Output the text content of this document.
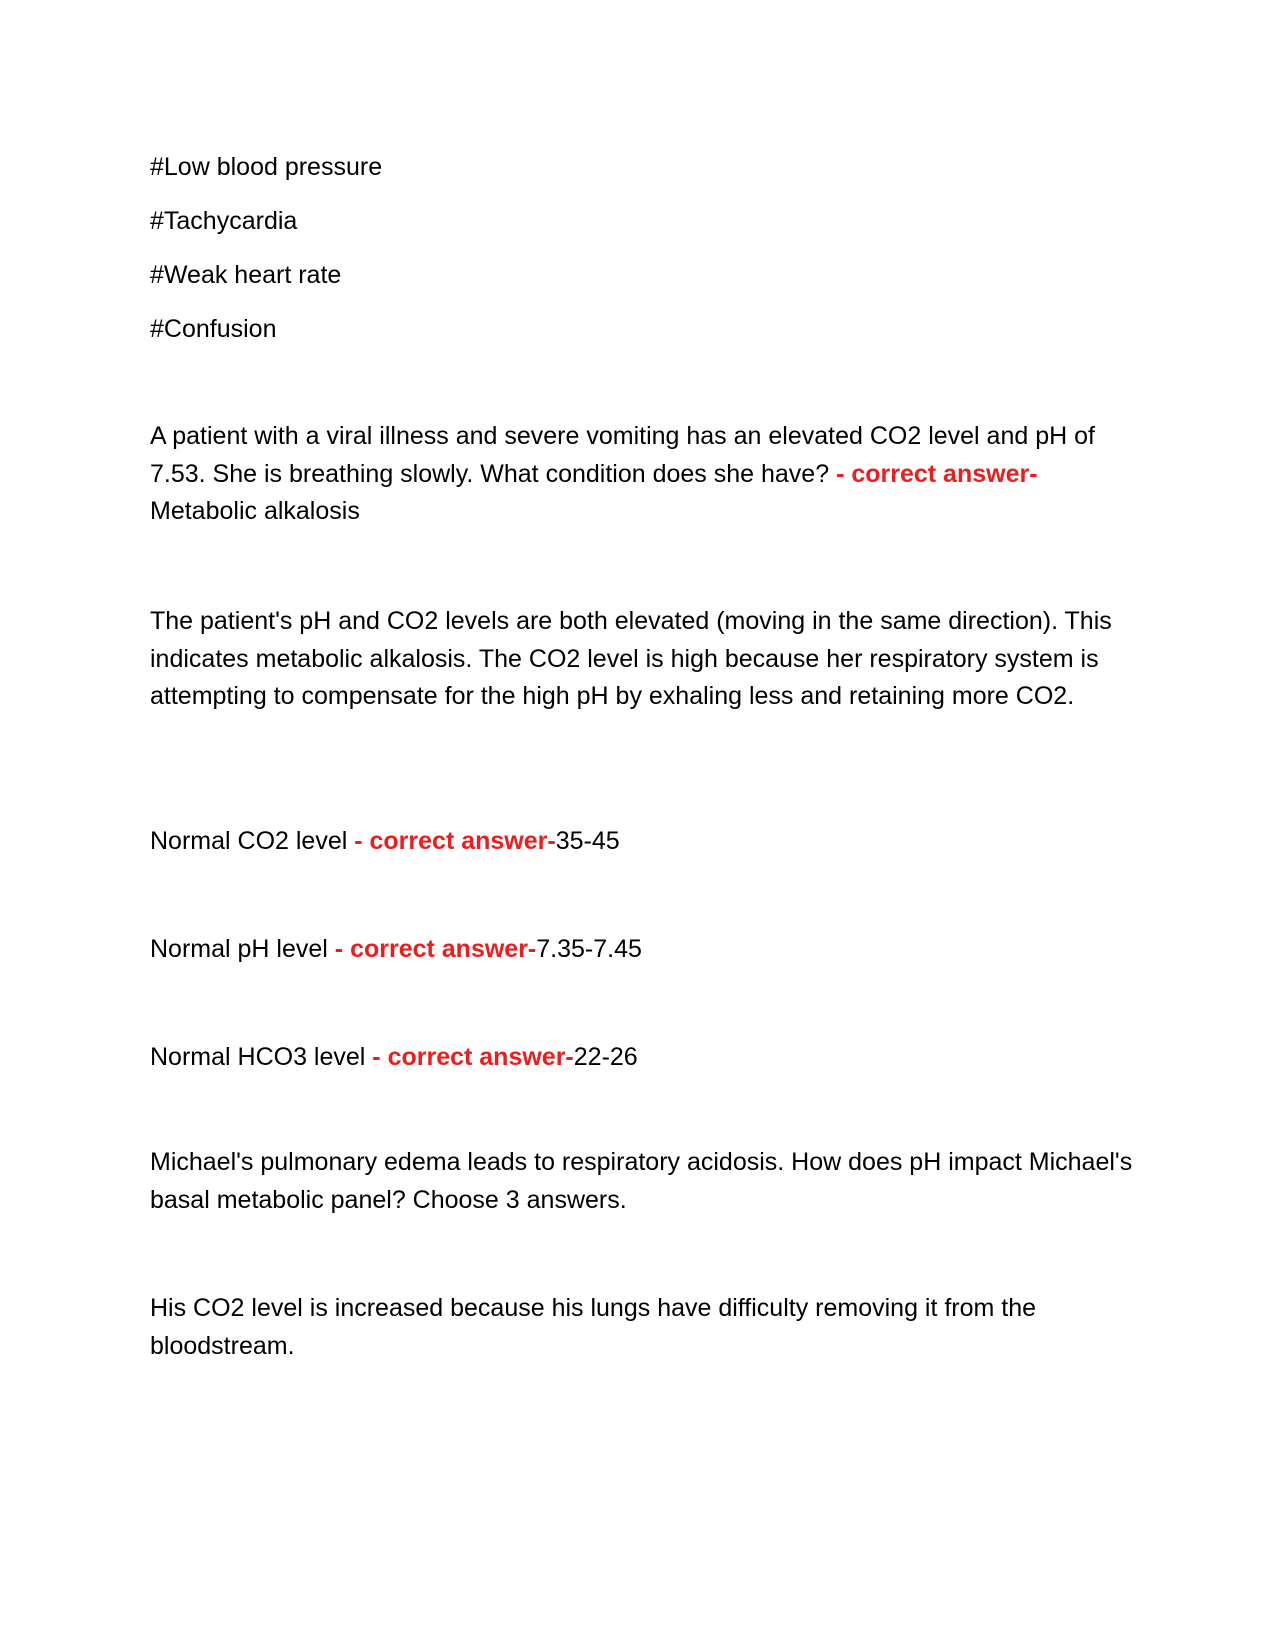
#Low blood pressure

#Tachycardia

#Weak heart rate

#Confusion

A patient with a viral illness and severe vomiting has an elevated CO2 level and pH of 7.53. She is breathing slowly. What condition does she have? - correct answer-Metabolic alkalosis

The patient's pH and CO2 levels are both elevated (moving in the same direction). This indicates metabolic alkalosis. The CO2 level is high because her respiratory system is attempting to compensate for the high pH by exhaling less and retaining more CO2.

Normal CO2 level - correct answer-35-45

Normal pH level - correct answer-7.35-7.45

Normal HCO3 level - correct answer-22-26

Michael's pulmonary edema leads to respiratory acidosis. How does pH impact Michael's basal metabolic panel? Choose 3 answers.

His CO2 level is increased because his lungs have difficulty removing it from the bloodstream.
